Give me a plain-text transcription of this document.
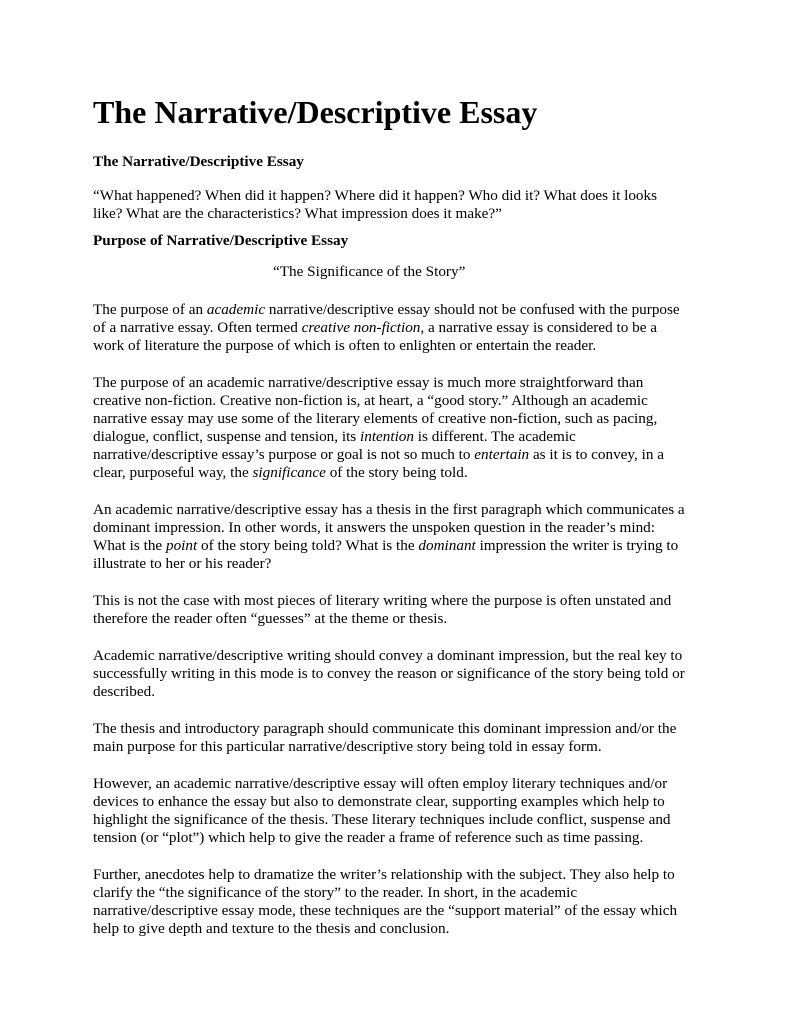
The Narrative/Descriptive Essay

The Narrative/Descriptive Essay

“What happened? When did it happen? Where did it happen? Who did it? What does it looks
like? What are the characteristics? What impression does it make?”

Purpose of Narrative/Descriptive Essay

“The Significance of the Story”

The purpose of an academic narrative/descriptive essay should not be confused with the purpose
of a narrative essay. Often termed creative non-fiction, a narrative essay is considered to be a
work of literature the purpose of which is often to enlighten or entertain the reader.

The purpose of an academic narrative/descriptive essay is much more straightforward than
creative non-fiction. Creative non-fiction is, at heart, a “good story.” Although an academic
narrative essay may use some of the literary elements of creative non-fiction, such as pacing,
dialogue, conflict, suspense and tension, its intention is different. The academic
narrative/descriptive essay’s purpose or goal is not so much to entertain as it is to convey, in a
clear, purposeful way, the significance of the story being told.

An academic narrative/descriptive essay has a thesis in the first paragraph which communicates a
dominant impression. In other words, it answers the unspoken question in the reader’s mind:
What is the point of the story being told? What is the dominant impression the writer is trying to
illustrate to her or his reader?

This is not the case with most pieces of literary writing where the purpose is often unstated and
therefore the reader often “guesses” at the theme or thesis.

Academic narrative/descriptive writing should convey a dominant impression, but the real key to
successfully writing in this mode is to convey the reason or significance of the story being told or
described.

The thesis and introductory paragraph should communicate this dominant impression and/or the
main purpose for this particular narrative/descriptive story being told in essay form.

However, an academic narrative/descriptive essay will often employ literary techniques and/or
devices to enhance the essay but also to demonstrate clear, supporting examples which help to
highlight the significance of the thesis. These literary techniques include conflict, suspense and
tension (or “plot”) which help to give the reader a frame of reference such as time passing.

Further, anecdotes help to dramatize the writer’s relationship with the subject. They also help to
clarify the “the significance of the story” to the reader. In short, in the academic
narrative/descriptive essay mode, these techniques are the “support material” of the essay which
help to give depth and texture to the thesis and conclusion.
